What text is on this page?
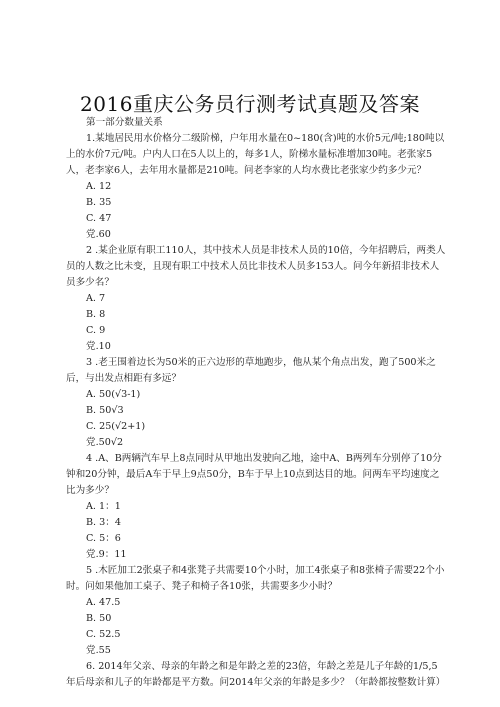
2016重庆公务员行测考试真题及答案
第一部分数量关系

1.某地居民用水价格分二级阶梯，户年用水量在0~180(含)吨的水价5元/吨;180吨以上的水价7元/吨。户内人口在5人以上的，每多1人，阶梯水量标准增加30吨。老张家5人，老李家6人，去年用水量都是210吨。问老李家的人均水费比老张家少约多少元？

A. 12

B. 35

C. 47

党.60

2 .某企业原有职工110人，其中技术人员是非技术人员的10倍，今年招聘后，两类人员的人数之比未变，且现有职工中技术人员比非技术人员多153人。问今年新招非技术人员多少名？

A. 7

B. 8

C. 9

党.10

3 .老王围着边长为50米的正六边形的草地跑步，他从某个角点出发，跑了500米之后，与出发点相距有多远？

A. 50(√3-1)

B. 50√3

C. 25(√2+1)

党.50√2

4 .A、B两辆汽车早上8点同时从甲地出发驶向乙地，途中A、B两列车分别停了10分钟和20分钟，最后A车于早上9点50分，B车于早上10点到达目的地。问两车平均速度之比为多少？

A. 1：1

B. 3：4

C. 5：6

党.9：11

5 .木匠加工2张桌子和4张凳子共需要10个小时，加工4张桌子和8张椅子需要22个小时。问如果他加工桌子、凳子和椅子各10张，共需要多少小时？

A. 47.5

B. 50

C. 52.5

党.55

6. 2014年父亲、母亲的年龄之和是年龄之差的23倍，年龄之差是儿子年龄的1/5,5年后母亲和儿子的年龄都是平方数。问2014年父亲的年龄是多少？（年龄都按整数计算）
